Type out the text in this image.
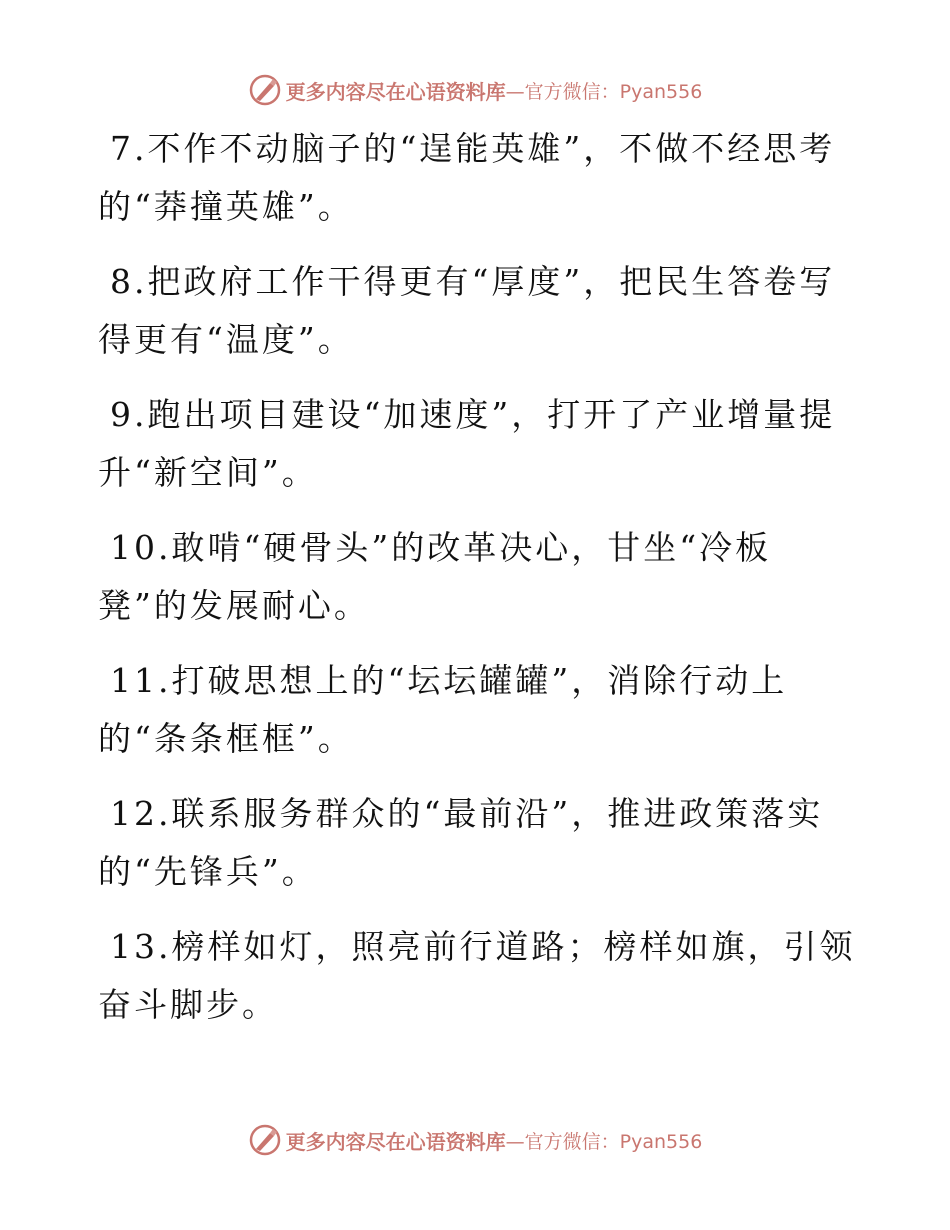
更多内容尽在心语资料库 —官方微信：Pyan556

7.不作不动脑子的“逞能英雄”，不做不经思考的“莽撞英雄”。

8.把政府工作干得更有“厚度”，把民生答卷写得更有“温度”。

9.跑出项目建设“加速度”，打开了产业增量提升“新空间”。

10.敢啃“硬骨头”的改革决心，甘坐“冷板凳”的发展耐心。

11.打破思想上的“坛坛罐罐”，消除行动上的“条条框框”。

12.联系服务群众的“最前沿”，推进政策落实的“先锋兵”。

13.榜样如灯，照亮前行道路；榜样如旗，引领奋斗脚步。

更多内容尽在心语资料库 —官方微信：Pyan556
